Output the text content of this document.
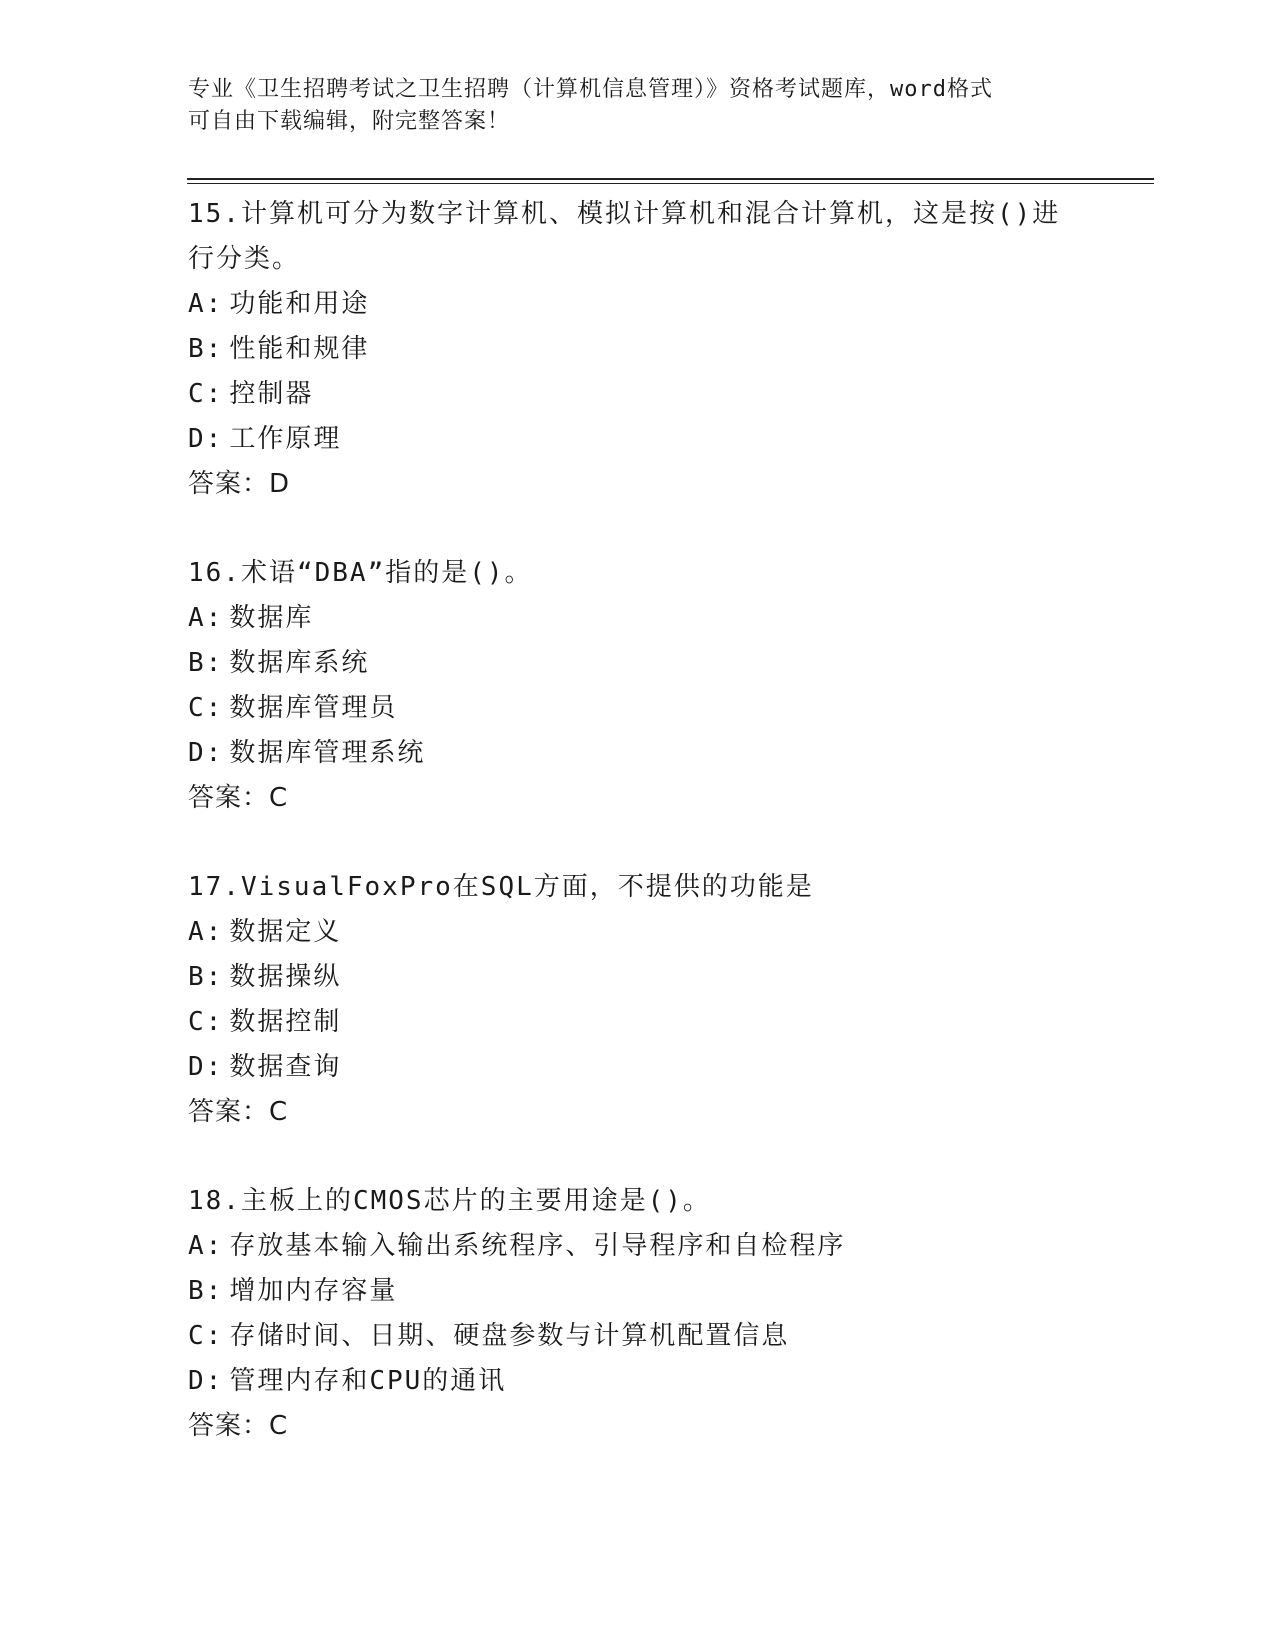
专业《卫生招聘考试之卫生招聘（计算机信息管理）》资格考试题库，word格式
可自由下载编辑，附完整答案！
15.计算机可分为数字计算机、模拟计算机和混合计算机，这是按()进行分类。
A: 功能和用途
B: 性能和规律
C: 控制器
D: 工作原理
答案：D
16.术语“DBA”指的是()。
A: 数据库
B: 数据库系统
C: 数据库管理员
D: 数据库管理系统
答案：C
17.VisualFoxPro在SQL方面，不提供的功能是
A: 数据定义
B: 数据操纵
C: 数据控制
D: 数据查询
答案：C
18.主板上的CMOS芯片的主要用途是()。
A: 存放基本输入输出系统程序、引导程序和自检程序
B: 增加内存容量
C: 存储时间、日期、硬盘参数与计算机配置信息
D: 管理内存和CPU的通讯
答案：C
